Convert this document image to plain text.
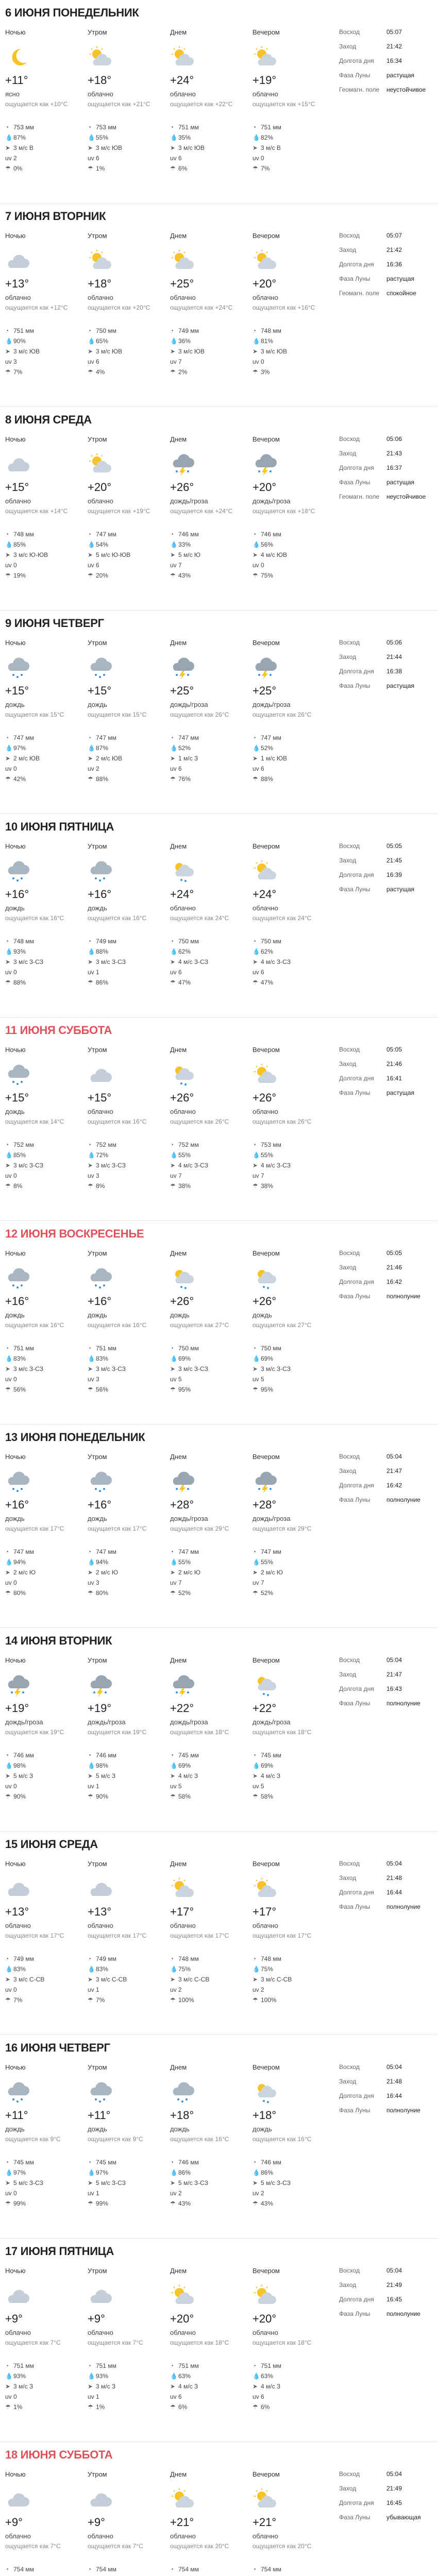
6 ИЮНЯ ПОНЕДЕЛЬНИК
Ночью
+11°
ясно
ощущается как +10°C
◔ 753 мм
💧87%
➤ 3 м/с В
uv 2
☂ 0%
Утром
+18°
облачно
ощущается как +21°C
◔ 753 мм
💧55%
➤ 3 м/с ЮВ
uv 6
☂ 1%
Днем
+24°
облачно
ощущается как +22°C
◔ 751 мм
💧35%
➤ 3 м/с ЮВ
uv 6
☂ 6%
Вечером
+19°
облачно
ощущается как +15°C
◔ 751 мм
💧82%
➤ 3 м/с В
uv 0
☂ 7%
Восход	05:07
Заход	21:42
Долгота дня	16:34
Фаза Луны	растущая
Геомагн. поле	неустойчивое
7 ИЮНЯ ВТОРНИК
Ночью
+13°
облачно
ощущается как +12°C
◔ 751 мм
💧90%
➤ 3 м/с ЮВ
uv 3
☂ 7%
Утром
+18°
облачно
ощущается как +20°C
◔ 750 мм
💧65%
➤ 3 м/с ЮВ
uv 6
☂ 4%
Днем
+25°
облачно
ощущается как +24°C
◔ 749 мм
💧36%
➤ 3 м/с ЮВ
uv 7
☂ 2%
Вечером
+20°
облачно
ощущается как +16°C
◔ 748 мм
💧81%
➤ 3 м/с ЮВ
uv 0
☂ 3%
Восход	05:07
Заход	21:42
Долгота дня	16:36
Фаза Луны	растущая
Геомагн. поле	спокойное
8 ИЮНЯ СРЕДА
Ночью
+15°
облачно
ощущается как +14°C
◔ 748 мм
💧85%
➤ 3 м/с Ю-ЮВ
uv 0
☂ 19%
Утром
+20°
облачно
ощущается как +19°C
◔ 747 мм
💧54%
➤ 5 м/с Ю-ЮВ
uv 6
☂ 20%
Днем
+26°
дождь/гроза
ощущается как +24°C
◔ 746 мм
💧33%
➤ 5 м/с Ю
uv 7
☂ 43%
Вечером
+20°
дождь/гроза
ощущается как +18°C
◔ 746 мм
💧56%
➤ 4 м/с ЮВ
uv 0
☂ 75%
Восход	05:06
Заход	21:43
Долгота дня	16:37
Фаза Луны	растущая
Геомагн. поле	неустойчивое
9 ИЮНЯ ЧЕТВЕРГ
Ночью
+15°
дождь
ощущается как 15°C
◔ 747 мм
💧97%
➤ 2 м/с ЮВ
uv 0
☂ 42%
Утром
+15°
дождь
ощущается как 15°C
◔ 747 мм
💧87%
➤ 2 м/с ЮВ
uv 2
☂ 88%
Днем
+25°
дождь/гроза
ощущается как 26°C
◔ 747 мм
💧52%
➤ 1 м/с З
uv 6
☂ 76%
Вечером
+25°
дождь/гроза
ощущается как 26°C
◔ 747 мм
💧52%
➤ 1 м/с ЮВ
uv 6
☂ 88%
Восход	05:06
Заход	21:44
Долгота дня	16:38
Фаза Луны	растущая
10 ИЮНЯ ПЯТНИЦА
Ночью
+16°
дождь
ощущается как 16°C
◔ 748 мм
💧93%
➤ 3 м/с З-СЗ
uv 0
☂ 88%
Утром
+16°
дождь
ощущается как 16°C
◔ 749 мм
💧88%
➤ 3 м/с З-СЗ
uv 1
☂ 86%
Днем
+24°
облачно
ощущается как 24°C
◔ 750 мм
💧62%
➤ 4 м/с З-СЗ
uv 6
☂ 47%
Вечером
+24°
облачно
ощущается как 24°C
◔ 750 мм
💧62%
➤ 4 м/с З-СЗ
uv 6
☂ 47%
Восход	05:05
Заход	21:45
Долгота дня	16:39
Фаза Луны	растущая
11 ИЮНЯ СУББОТА
Ночью
+15°
дождь
ощущается как 14°C
◔ 752 мм
💧85%
➤ 3 м/с З-СЗ
uv 0
☂ 8%
Утром
+15°
облачно
ощущается как 16°C
◔ 752 мм
💧72%
➤ 3 м/с З-СЗ
uv 3
☂ 8%
Днем
+26°
облачно
ощущается как 26°C
◔ 752 мм
💧55%
➤ 4 м/с З-СЗ
uv 7
☂ 38%
Вечером
+26°
облачно
ощущается как 26°C
◔ 753 мм
💧55%
➤ 4 м/с З-СЗ
uv 7
☂ 38%
Восход	05:05
Заход	21:46
Долгота дня	16:41
Фаза Луны	растущая
12 ИЮНЯ ВОСКРЕСЕНЬЕ
Ночью
+16°
дождь
ощущается как 16°C
◔ 751 мм
💧83%
➤ 3 м/с З-СЗ
uv 0
☂ 56%
Утром
+16°
дождь
ощущается как 16°C
◔ 751 мм
💧83%
➤ 3 м/с З-СЗ
uv 3
☂ 56%
Днем
+26°
дождь
ощущается как 27°C
◔ 750 мм
💧69%
➤ 3 м/с З-СЗ
uv 5
☂ 95%
Вечером
+26°
дождь
ощущается как 27°C
◔ 750 мм
💧69%
➤ 3 м/с З-СЗ
uv 5
☂ 95%
Восход	05:05
Заход	21:46
Долгота дня	16:42
Фаза Луны	полнолуние
13 ИЮНЯ ПОНЕДЕЛЬНИК
Ночью
+16°
дождь
ощущается как 17°C
◔ 747 мм
💧94%
➤ 2 м/с Ю
uv 0
☂ 80%
Утром
+16°
дождь
ощущается как 17°C
◔ 747 мм
💧94%
➤ 2 м/с Ю
uv 3
☂ 80%
Днем
+28°
дождь/гроза
ощущается как 29°C
◔ 747 мм
💧55%
➤ 2 м/с Ю
uv 7
☂ 52%
Вечером
+28°
дождь/гроза
ощущается как 29°C
◔ 747 мм
💧55%
➤ 2 м/с Ю
uv 7
☂ 52%
Восход	05:04
Заход	21:47
Долгота дня	16:42
Фаза Луны	полнолуние
14 ИЮНЯ ВТОРНИК
Ночью
+19°
дождь/гроза
ощущается как 19°C
◔ 746 мм
💧98%
➤ 5 м/с З
uv 0
☂ 90%
Утром
+19°
дождь/гроза
ощущается как 19°C
◔ 746 мм
💧98%
➤ 5 м/с З
uv 1
☂ 90%
Днем
+22°
дождь/гроза
ощущается как 18°C
◔ 745 мм
💧69%
➤ 4 м/с З
uv 5
☂ 58%
Вечером
+22°
дождь/гроза
ощущается как 18°C
◔ 745 мм
💧69%
➤ 4 м/с З
uv 5
☂ 58%
Восход	05:04
Заход	21:47
Долгота дня	16:43
Фаза Луны	полнолуние
15 ИЮНЯ СРЕДА
Ночью
+13°
облачно
ощущается как 17°C
◔ 749 мм
💧83%
➤ 3 м/с С-СВ
uv 0
☂ 7%
Утром
+13°
облачно
ощущается как 17°C
◔ 749 мм
💧83%
➤ 3 м/с С-СВ
uv 1
☂ 7%
Днем
+17°
облачно
ощущается как 17°C
◔ 748 мм
💧75%
➤ 3 м/с С-СВ
uv 2
☂ 100%
Вечером
+17°
облачно
ощущается как 17°C
◔ 748 мм
💧75%
➤ 3 м/с С-СВ
uv 2
☂ 100%
Восход	05:04
Заход	21:48
Долгота дня	16:44
Фаза Луны	полнолуние
16 ИЮНЯ ЧЕТВЕРГ
Ночью
+11°
дождь
ощущается как 9°C
◔ 745 мм
💧97%
➤ 5 м/с З-СЗ
uv 0
☂ 99%
Утром
+11°
дождь
ощущается как 9°C
◔ 745 мм
💧97%
➤ 5 м/с З-СЗ
uv 1
☂ 99%
Днем
+18°
дождь
ощущается как 16°C
◔ 746 мм
💧86%
➤ 5 м/с З-СЗ
uv 2
☂ 43%
Вечером
+18°
дождь
ощущается как 16°C
◔ 746 мм
💧86%
➤ 5 м/с З-СЗ
uv 2
☂ 43%
Восход	05:04
Заход	21:48
Долгота дня	16:44
Фаза Луны	полнолуние
17 ИЮНЯ ПЯТНИЦА
Ночью
+9°
облачно
ощущается как 7°C
◔ 751 мм
💧93%
➤ 3 м/с З
uv 0
☂ 1%
Утром
+9°
облачно
ощущается как 7°C
◔ 751 мм
💧93%
➤ 3 м/с З
uv 1
☂ 1%
Днем
+20°
облачно
ощущается как 18°C
◔ 751 мм
💧63%
➤ 4 м/с З
uv 6
☂ 6%
Вечером
+20°
облачно
ощущается как 18°C
◔ 751 мм
💧63%
➤ 4 м/с З
uv 6
☂ 6%
Восход	05:04
Заход	21:49
Долгота дня	16:45
Фаза Луны	полнолуние
18 ИЮНЯ СУББОТА
Ночью
+9°
облачно
ощущается как 7°C
◔ 754 мм
Утром
+9°
облачно
ощущается как 7°C
◔ 754 мм
Днем
+21°
облачно
ощущается как 20°C
◔ 754 мм
Вечером
+21°
облачно
ощущается как 20°C
◔ 754 мм
Восход	05:04
Заход	21:49
Долгота дня	16:45
Фаза Луны	убывающая
